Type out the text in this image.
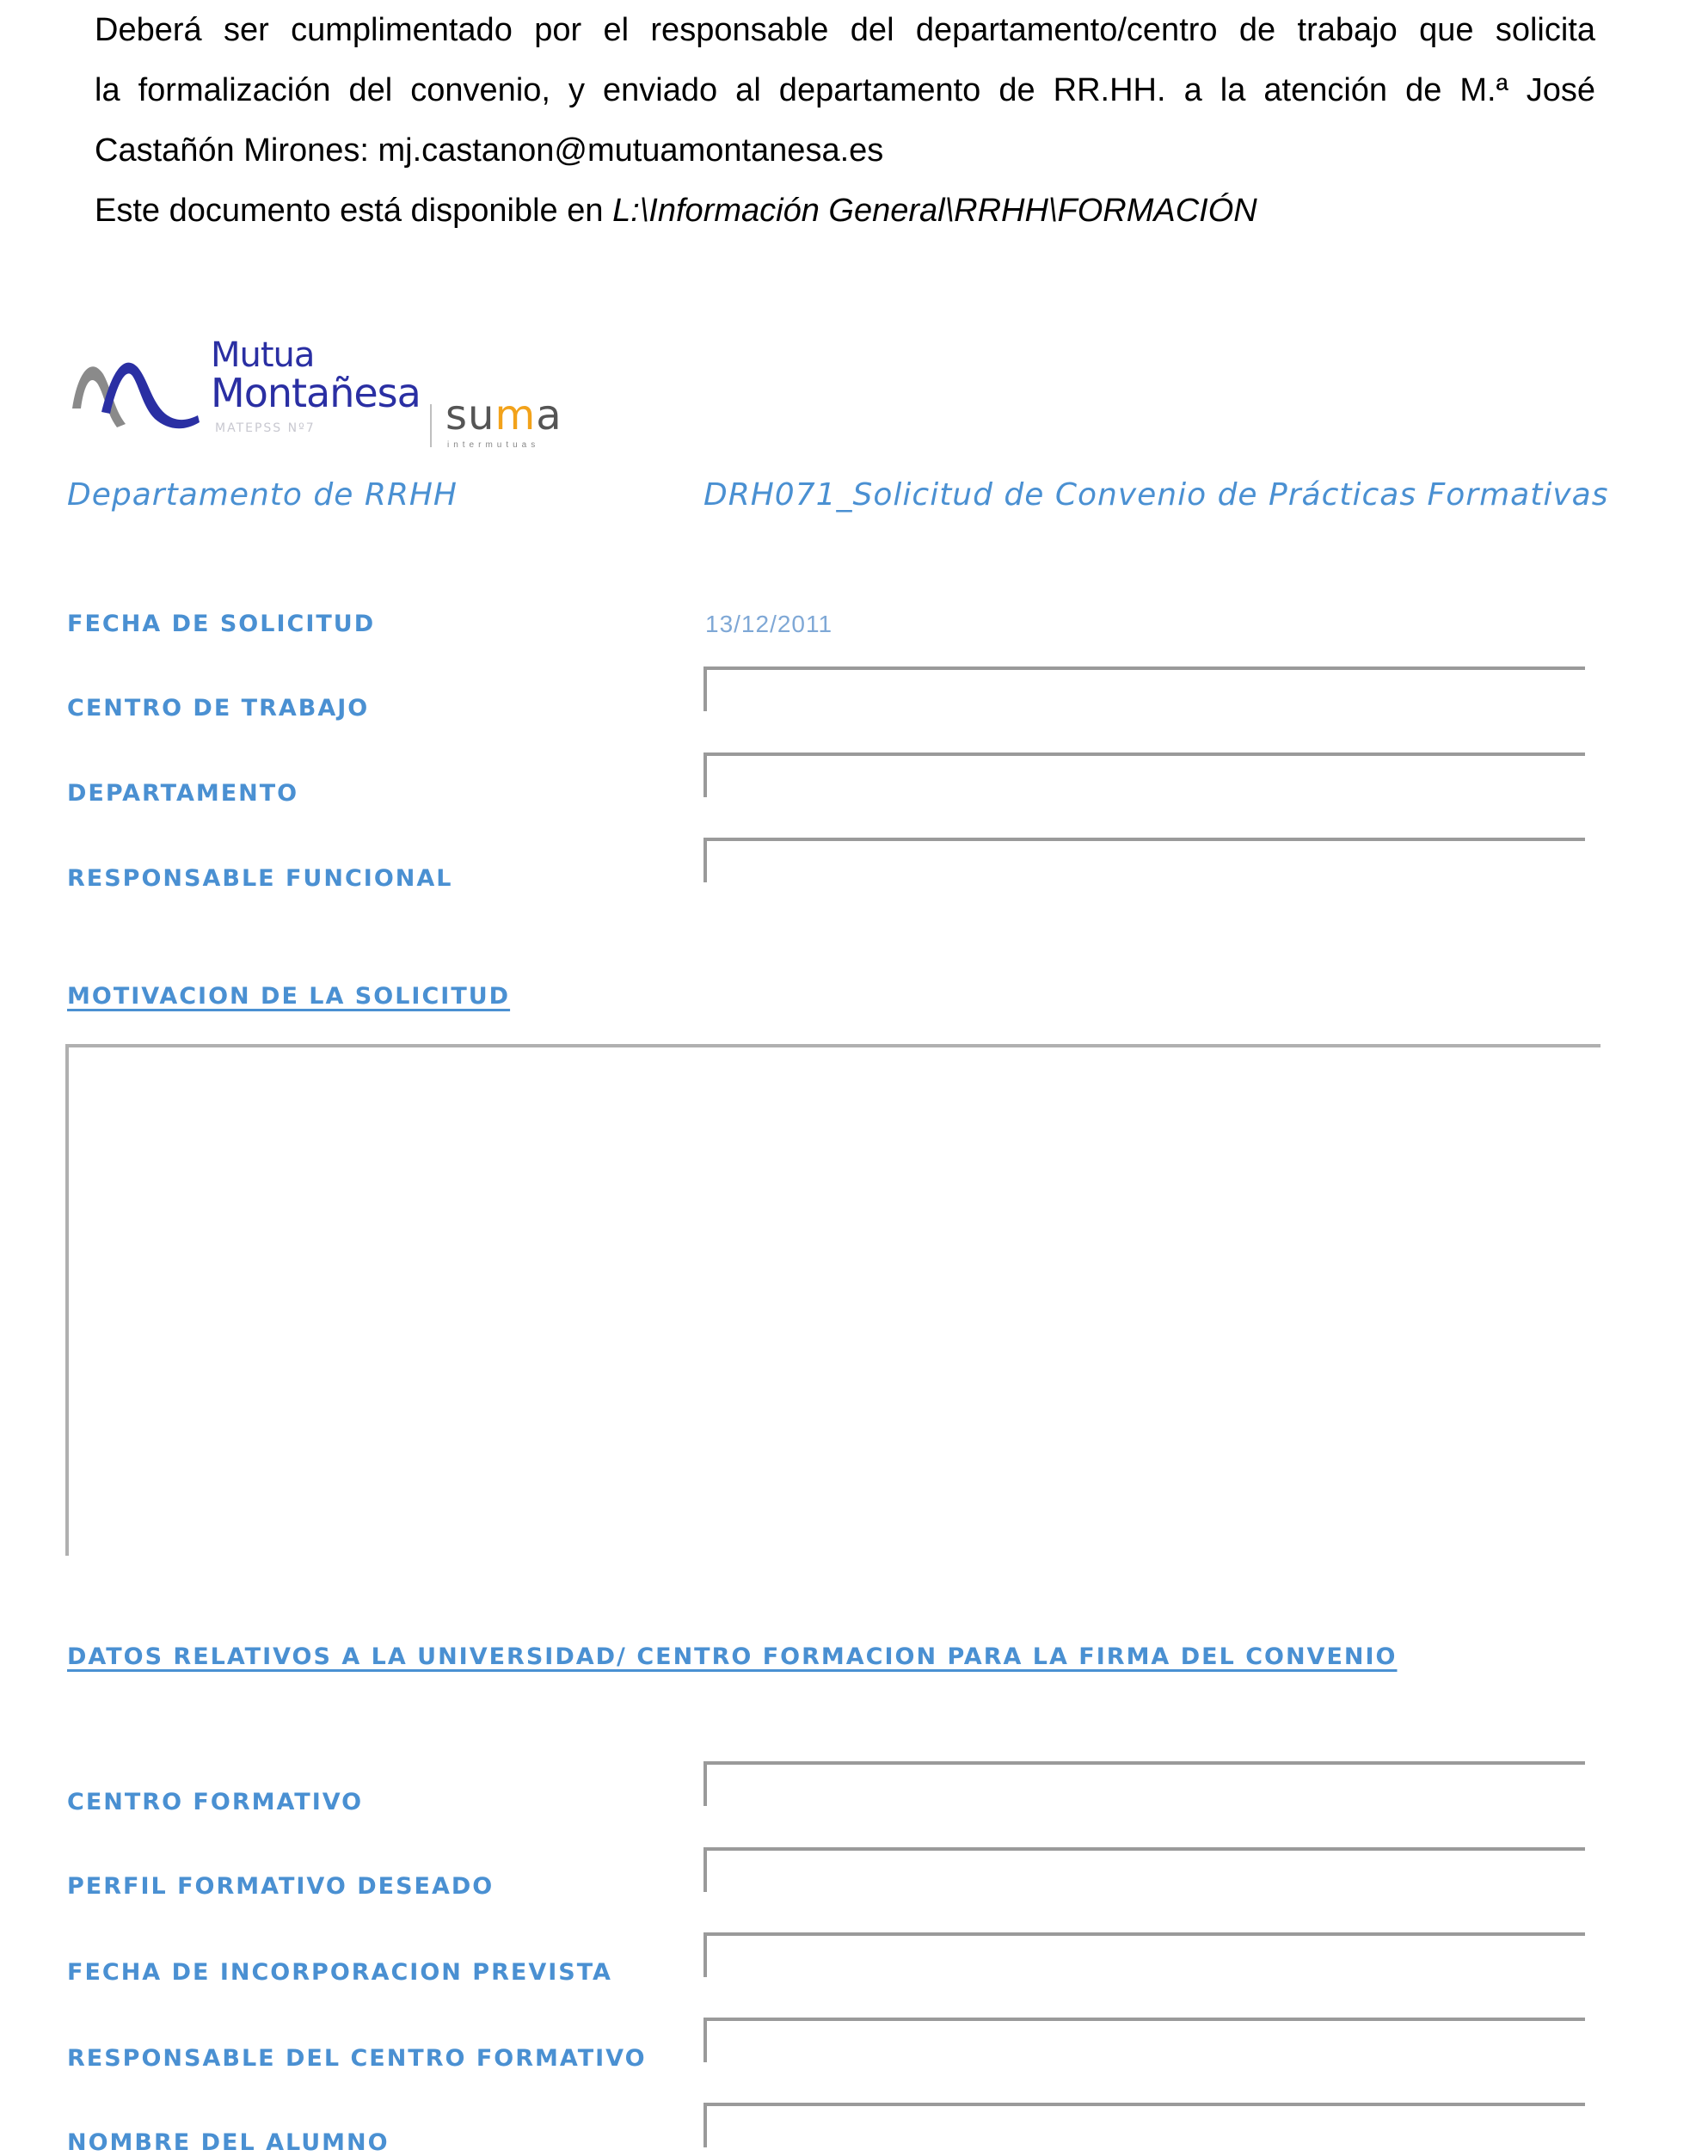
Deberá ser cumplimentado por el responsable del departamento/centro de trabajo que solicita

la formalización del convenio, y enviado al departamento de RR.HH. a la atención de M.ª José

Castañón Mirones: mj.castanon@mutuamontanesa.es

Este documento está disponible en L:\Información General\RRHH\FORMACIÓN

Mutua
Montañesa
MATEPSS Nº7	suma
intermutuas
Departamento de RRHH	DRH071_Solicitud de Convenio de Prácticas Formativas
FECHA DE SOLICITUD	13/12/2011
CENTRO DE TRABAJO
DEPARTAMENTO
RESPONSABLE FUNCIONAL
MOTIVACION DE LA SOLICITUD
DATOS RELATIVOS A LA UNIVERSIDAD/ CENTRO FORMACION PARA LA FIRMA DEL CONVENIO
CENTRO FORMATIVO
PERFIL FORMATIVO DESEADO
FECHA DE INCORPORACION PREVISTA
RESPONSABLE DEL CENTRO FORMATIVO
NOMBRE DEL ALUMNO
